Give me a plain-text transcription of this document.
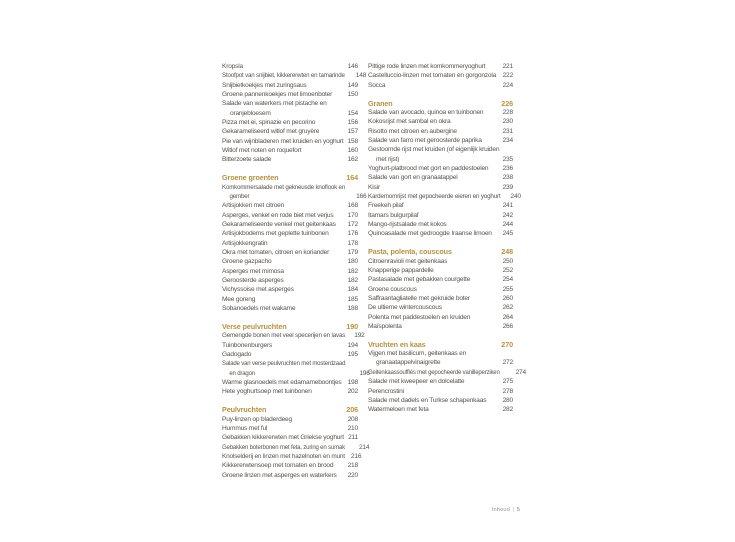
Kropsla	146
Stoofpot van snijbiet, kikkererwten en tamarinde 148
Snijbietkoekjes met zuringsaus	149
Groene pannenkoekjes met limoenboter 150
Salade van waterkers met pistache en
oranjebloesem	154
Pizza met ei, spinazie en pecorino	156
Gekarameliseerd witlof met gruyère	157
Pie van wijnbladeren met kruiden en yoghurt 158
Witlof met noten en roquefort	160
Bitterzoete salade	162
Groene groenten	164
Komkommersalade met gekneusde knoflook en
gember	166
Artisjokken met citroen	168
Asperges, venkel en rode biet met verjus 170
Gekarameliseerde venkel met geitenkaas 172
Artisjokbodems met geplette tuinbonen	176
Artisjokkengratin	178
Okra met tomaten, citroen en koriander	179
Groene gazpacho	180
Asperges met mimosa	182
Geroosterde asperges	182
Vichyssoise met asperges	184
Mee goreng	185
Sobanoedels met wakame	188
Verse peulvruchten	190
Gemengde bonen met veel specerijen en lavas 192
Tuinbonenburgers	194
Gadogado	195
Salade van verse peulvruchten met mosterdzaad
en dragon	196
Warme glasnoedels met edamameboontjes 198
Hete yoghurtsoep met tuinbonen	202
Peulvruchten	206
Puy-linzen op bladerdeeg	208
Hummus met ful	210
Gebakken kikkererwten met Griekse yoghurt 211
Gebakken boterbonen met feta, zuring en sumak 214
Knolselderij en linzen met hazelnoten en munt 216
Kikkererwtensoep met tomaten en brood 218
Groene linzen met asperges en waterkers 220
Pittige rode linzen met komkommeryoghurt	221
Castelluccio-linzen met tomaten en gorgonzola 222
Socca	224
Granen	226
Salade van avocado, quinoa en tuinbonen	228
Kokosrijst met sambal en okra	230
Risotto met citroen en aubergine	231
Salade van farro met geroosterde paprika	234
Gestoomde rijst met kruiden (of eigenlijk kruiden
met rijst)	235
Yoghurt-platbrood met gort en paddestoelen 236
Salade van gort en granaatappel	238
Kisir	239
Kardemomrijst met gepocheerde eieren en yoghurt 240
Freekeh pilaf	241
Itamars bulgurpilaf	242
Mango-rijstsalade met kokos	244
Quinoasalade met gedroogde Iraanse limoen 245
Pasta, polenta, couscous	248
Citroenravioli met geitenkaas	250
Knapperige pappardelle	252
Pastasalade met gebakken courgette	254
Groene couscous	255
Saffraantagliatelle met gekruide boter	260
De ultieme wintercouscous	262
Polenta met paddestoelen en kruiden	264
Maïspolenta	266
Vruchten en kaas	270
Vijgen met basilicum, geitenkaas en
granaatappelvinaigrette	272
Geitenkaassoufflés met gepocheerde vanilleperziken 274
Salade met kweepeer en dolcelatte	275
Perencrostini	278
Salade met dadels en Turkse schapenkaas 280
Watermeloen met feta	282
Inhoud | 5
